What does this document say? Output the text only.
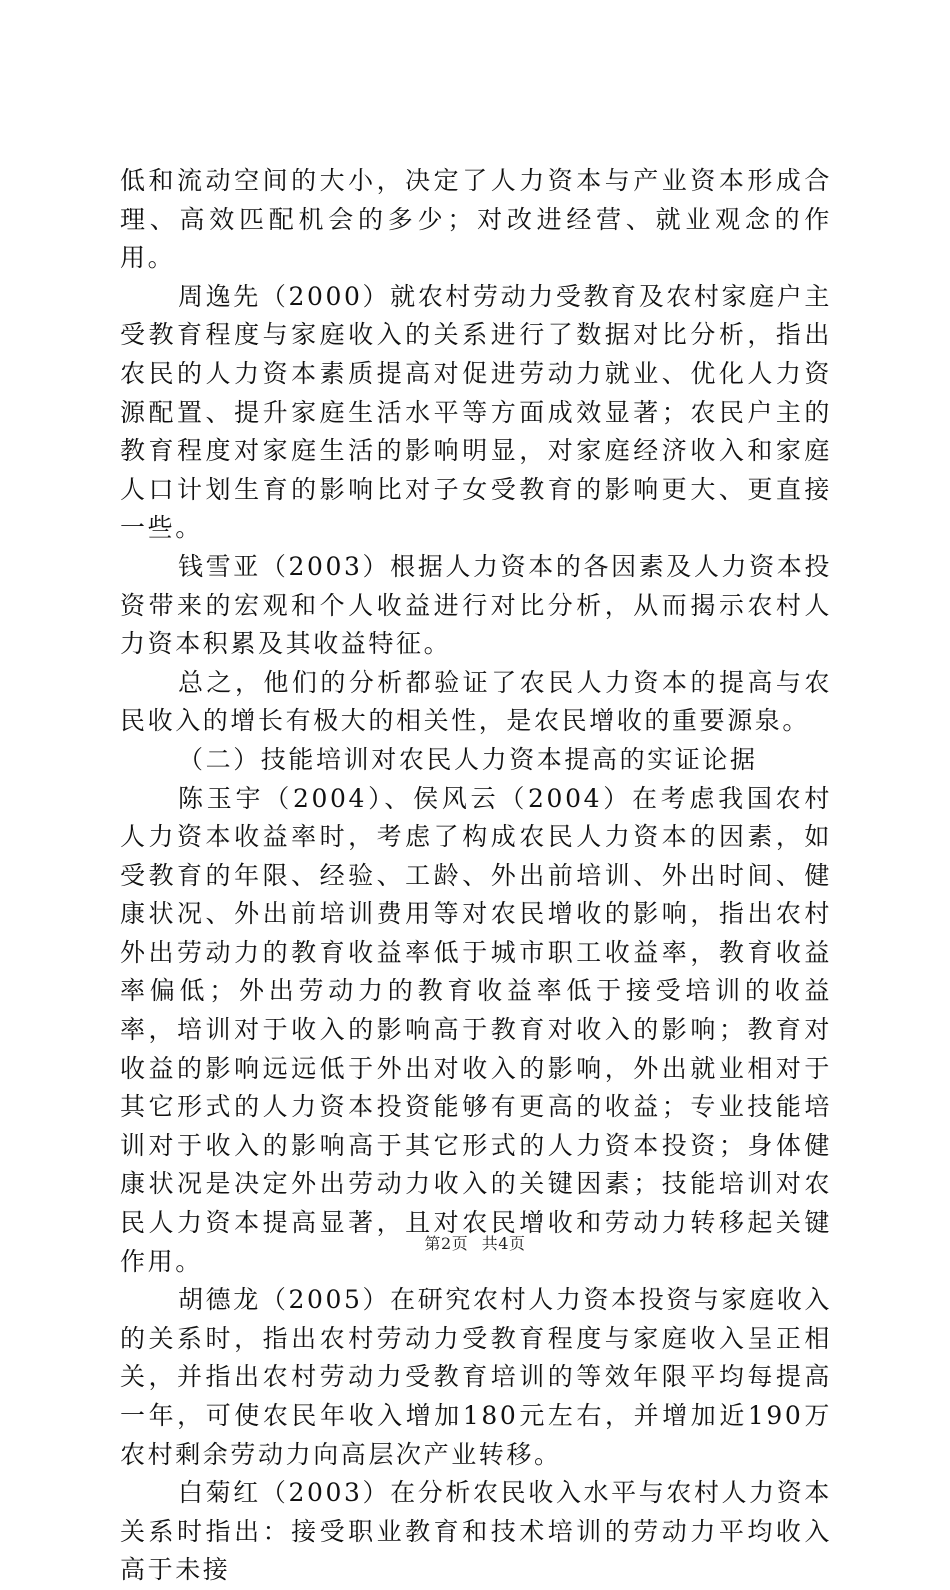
低和流动空间的大小，决定了人力资本与产业资本形成合理、高效匹配机会的多少；对改进经营、就业观念的作用。

周逸先（2000）就农村劳动力受教育及农村家庭户主受教育程度与家庭收入的关系进行了数据对比分析，指出农民的人力资本素质提高对促进劳动力就业、优化人力资源配置、提升家庭生活水平等方面成效显著；农民户主的教育程度对家庭生活的影响明显，对家庭经济收入和家庭人口计划生育的影响比对子女受教育的影响更大、更直接一些。

钱雪亚（2003）根据人力资本的各因素及人力资本投资带来的宏观和个人收益进行对比分析，从而揭示农村人力资本积累及其收益特征。

总之，他们的分析都验证了农民人力资本的提高与农民收入的增长有极大的相关性，是农民增收的重要源泉。

（二）技能培训对农民人力资本提高的实证论据

陈玉宇（2004）、侯风云（2004）在考虑我国农村人力资本收益率时，考虑了构成农民人力资本的因素，如受教育的年限、经验、工龄、外出前培训、外出时间、健康状况、外出前培训费用等对农民增收的影响，指出农村外出劳动力的教育收益率低于城市职工收益率，教育收益率偏低；外出劳动力的教育收益率低于接受培训的收益率，培训对于收入的影响高于教育对收入的影响；教育对收益的影响远远低于外出对收入的影响，外出就业相对于其它形式的人力资本投资能够有更高的收益；专业技能培训对于收入的影响高于其它形式的人力资本投资；身体健康状况是决定外出劳动力收入的关键因素；技能培训对农民人力资本提高显著，且对农民增收和劳动力转移起关键作用。

胡德龙（2005）在研究农村人力资本投资与家庭收入的关系时，指出农村劳动力受教育程度与家庭收入呈正相关，并指出农村劳动力受教育培训的等效年限平均每提高一年，可使农民年收入增加180元左右，并增加近190万农村剩余劳动力向高层次产业转移。

白菊红（2003）在分析农民收入水平与农村人力资本关系时指出：接受职业教育和技术培训的劳动力平均收入高于未接

第2页 共4页
